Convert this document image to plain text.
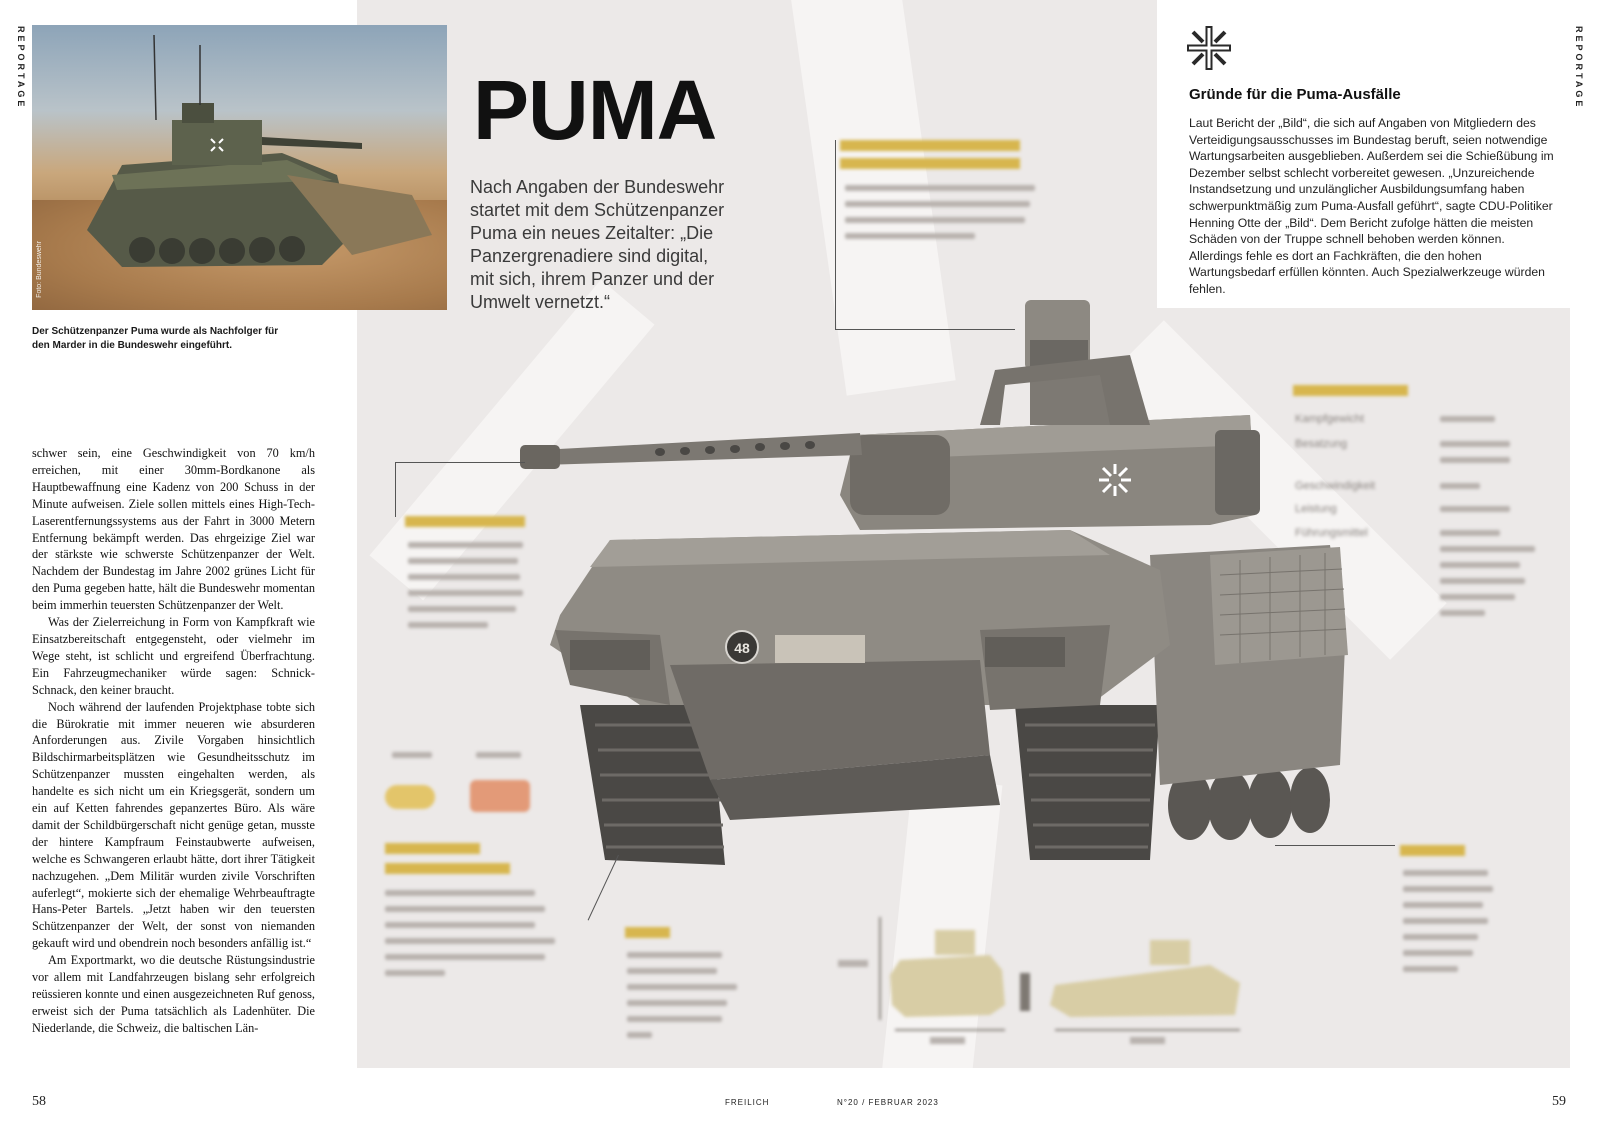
REPORTAGE	REPORTAGE
48
Kampfgewicht
Besatzung
Geschwindigkeit
Leistung
Führungsmittel
Foto: Bundeswehr
Der Schützenpanzer Puma wurde als Nachfolger für den Marder in die Bundeswehr eingeführt.
PUMA
Nach Angaben der Bundeswehr startet mit dem Schützenpanzer Puma ein neues Zeitalter: „Die Panzergrenadiere sind digital, mit sich, ihrem Panzer und der Umwelt vernetzt.“

schwer sein, eine Geschwindigkeit von 70 km/h erreichen, mit einer 30mm-Bordkanone als Hauptbewaffnung eine Kadenz von 200 Schuss in der Minute aufweisen. Ziele sollen mittels eines High-Tech-Laserentfernungssystems aus der Fahrt in 3000 Metern Entfernung bekämpft werden. Das ehrgeizige Ziel war der stärkste wie schwerste Schützenpanzer der Welt. Nachdem der Bundestag im Jahre 2002 grünes Licht für den Puma gegeben hatte, hält die Bundeswehr momentan beim immerhin teuersten Schützenpanzer der Welt.

Was der Zielerreichung in Form von Kampfkraft wie Einsatzbereitschaft entgegensteht, oder vielmehr im Wege steht, ist schlicht und ergreifend Überfrachtung. Ein Fahrzeugmechaniker würde sagen: Schnick-Schnack, den keiner braucht.

Noch während der laufenden Projektphase tobte sich die Bürokratie mit immer neueren wie absurderen Anforderungen aus. Zivile Vorgaben hinsichtlich Bildschirmarbeitsplätzen wie Gesundheitsschutz im Schützenpanzer mussten eingehalten werden, als handelte es sich nicht um ein Kriegsgerät, sondern um ein auf Ketten fahrendes gepanzertes Büro. Als wäre damit der Schildbürgerschaft nicht genüge getan, musste der hintere Kampfraum Feinstaubwerte aufweisen, welche es Schwangeren erlaubt hätte, dort ihrer Tätigkeit nachzugehen. „Dem Militär wurden zivile Vorschriften auferlegt“, mokierte sich der ehemalige Wehrbeauftragte Hans-Peter Bartels. „Jetzt haben wir den teuersten Schützenpanzer der Welt, der sonst von niemanden gekauft wird und obendrein noch besonders anfällig ist.“

Am Exportmarkt, wo die deutsche Rüstungsindustrie vor allem mit Landfahrzeugen bislang sehr erfolgreich reüssieren konnte und einen ausgezeichneten Ruf genoss, erweist sich der Puma tatsächlich als Ladenhüter. Die Niederlande, die Schweiz, die baltischen Län-

Gründe für die Puma-Ausfälle
Laut Bericht der „Bild“, die sich auf Angaben von Mitgliedern des Verteidigungsausschusses im Bundestag beruft, seien notwendige Wartungsarbeiten ausgeblieben. Außerdem sei die Schießübung im Dezember selbst schlecht vorbereitet gewesen. „Unzureichende Instandsetzung und unzulänglicher Ausbildungsumfang haben schwerpunktmäßig zum Puma-Ausfall geführt“, sagte CDU-Politiker Henning Otte der „Bild“. Dem Bericht zufolge hätten die meisten Schäden von der Truppe schnell behoben werden können. Allerdings fehle es dort an Fachkräften, die den hohen Wartungsbedarf erfüllen könnten. Auch Spezialwerkzeuge würden fehlen.
58	FREILICH	N°20 / FEBRUAR 2023	59
